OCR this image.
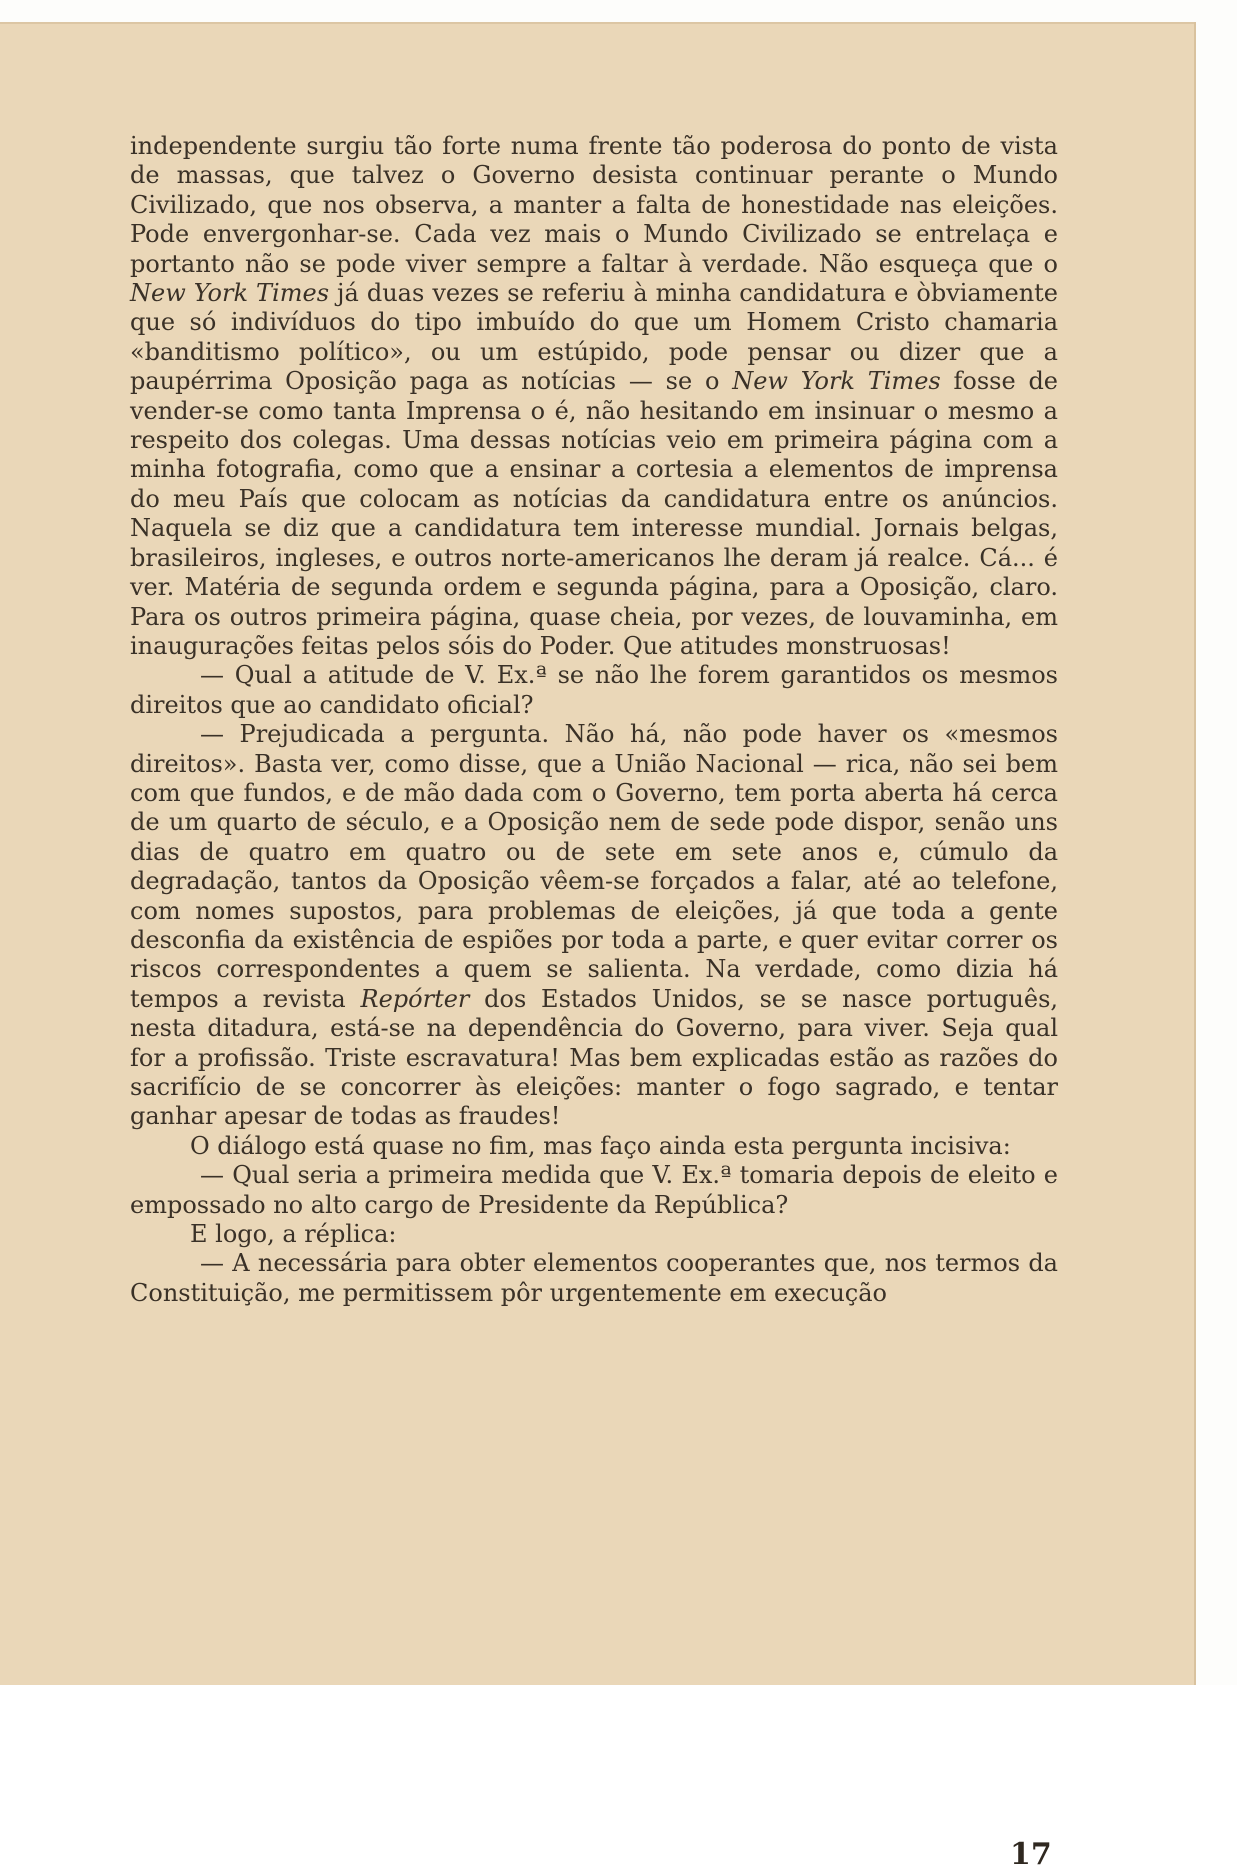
independente surgiu tão forte numa frente tão poderosa do ponto de vista de massas, que talvez o Governo desista continuar perante o Mundo Civilizado, que nos observa, a manter a falta de honestidade nas eleições. Pode envergonhar-se. Cada vez mais o Mundo Civilizado se entrelaça e portanto não se pode viver sempre a faltar à verdade. Não esqueça que o New York Times já duas vezes se referiu à minha candidatura e òbviamente que só indivíduos do tipo imbuído do que um Homem Cristo chamaria «banditismo político», ou um estúpido, pode pensar ou dizer que a paupérrima Oposição paga as notícias — se o New York Times fosse de vender-se como tanta Imprensa o é, não hesitando em insinuar o mesmo a respeito dos colegas. Uma dessas notícias veio em primeira página com a minha fotografia, como que a ensinar a cortesia a elementos de imprensa do meu País que colocam as notícias da candidatura entre os anúncios. Naquela se diz que a candidatura tem interesse mundial. Jornais belgas, brasileiros, ingleses, e outros norte-americanos lhe deram já realce. Cá... é ver. Matéria de segunda ordem e segunda página, para a Oposição, claro. Para os outros primeira página, quase cheia, por vezes, de louvaminha, em inaugurações feitas pelos sóis do Poder. Que atitudes monstruosas!

— Qual a atitude de V. Ex.ª se não lhe forem garantidos os mesmos direitos que ao candidato oficial?

— Prejudicada a pergunta. Não há, não pode haver os «mesmos direitos». Basta ver, como disse, que a União Nacional — rica, não sei bem com que fundos, e de mão dada com o Governo, tem porta aberta há cerca de um quarto de século, e a Oposição nem de sede pode dispor, senão uns dias de quatro em quatro ou de sete em sete anos e, cúmulo da degradação, tantos da Oposição vêem-se forçados a falar, até ao telefone, com nomes supostos, para problemas de eleições, já que toda a gente desconfia da existência de espiões por toda a parte, e quer evitar correr os riscos correspondentes a quem se salienta. Na verdade, como dizia há tempos a revista Repórter dos Estados Unidos, se se nasce português, nesta ditadura, está-se na dependência do Governo, para viver. Seja qual for a profissão. Triste escravatura! Mas bem explicadas estão as razões do sacrifício de se concorrer às eleições: manter o fogo sagrado, e tentar ganhar apesar de todas as fraudes!

O diálogo está quase no fim, mas faço ainda esta pergunta incisiva:

— Qual seria a primeira medida que V. Ex.ª tomaria depois de eleito e empossado no alto cargo de Presidente da República?

E logo, a réplica:

— A necessária para obter elementos cooperantes que, nos termos da Constituição, me permitissem pôr urgentemente em execução

17
